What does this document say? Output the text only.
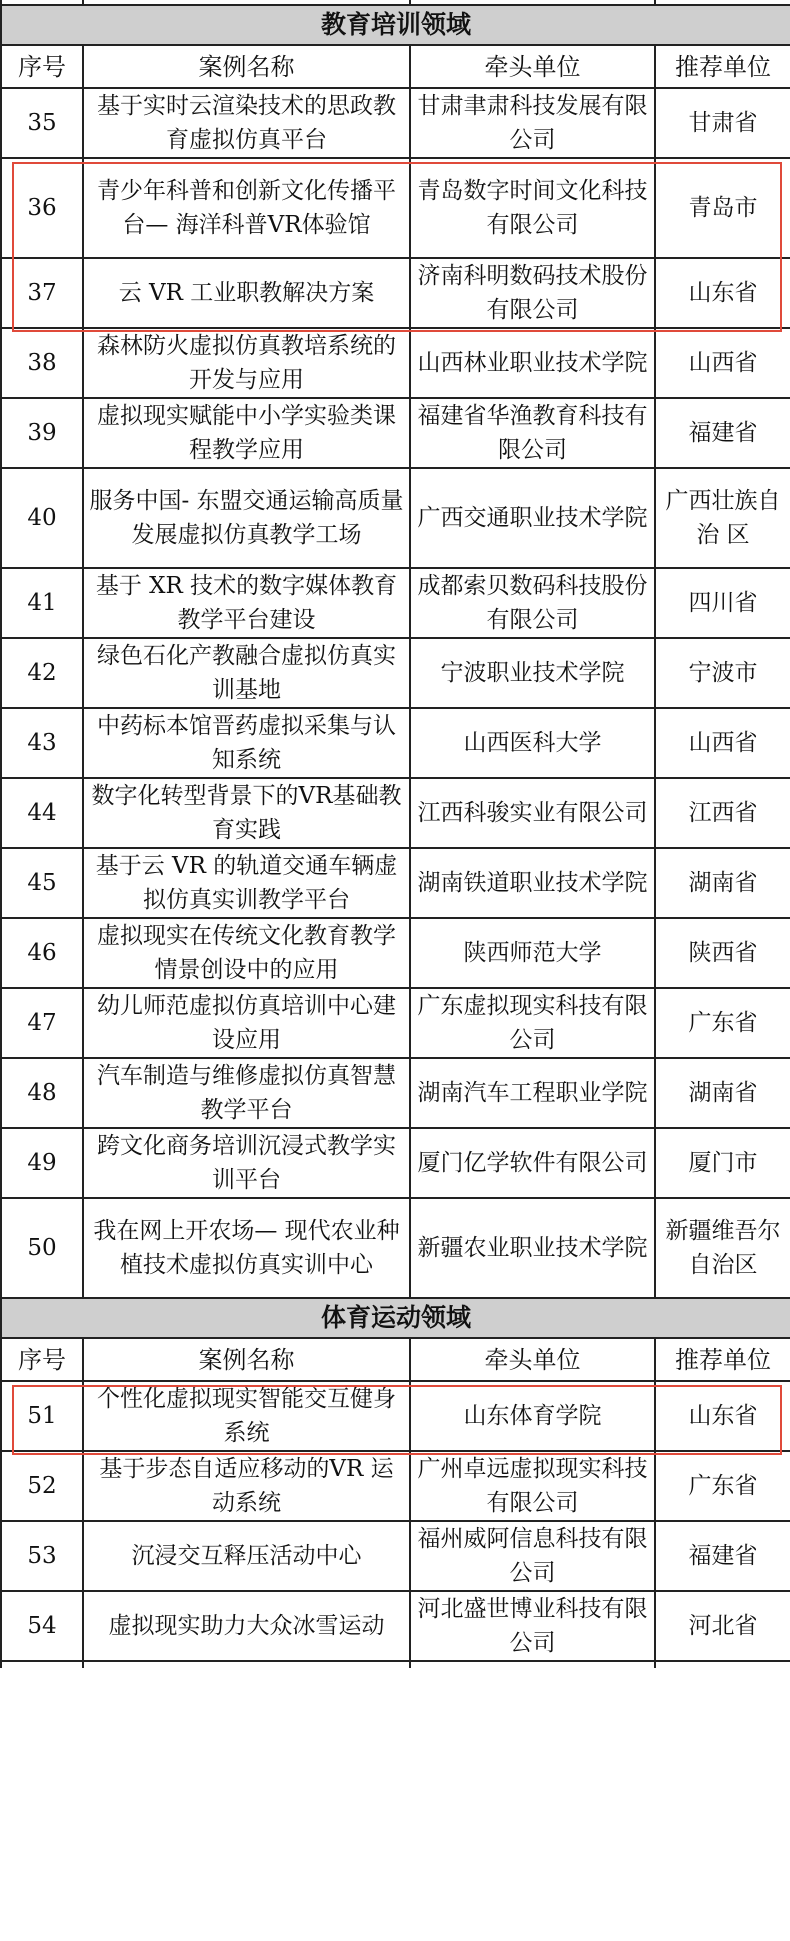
教育培训领域			
序号	案例名称	牵头单位	推荐单位
35	基于实时云渲染技术的思政教育虚拟仿真平台	甘肃聿肃科技发展有限公司	甘肃省
36	青少年科普和创新文化传播平台— 海洋科普VR体验馆	青岛数字时间文化科技有限公司	青岛市
37	云 VR 工业职教解决方案	济南科明数码技术股份有限公司	山东省
38	森林防火虚拟仿真教培系统的开发与应用	山西林业职业技术学院	山西省
39	虚拟现实赋能中小学实验类课程教学应用	福建省华渔教育科技有限公司	福建省
40	服务中国- 东盟交通运输高质量发展虚拟仿真教学工场	广西交通职业技术学院	广西壮族自治 区
41	基于 XR 技术的数字媒体教育教学平台建设	成都索贝数码科技股份有限公司	四川省
42	绿色石化产教融合虚拟仿真实训基地	宁波职业技术学院	宁波市
43	中药标本馆晋药虚拟采集与认知系统	山西医科大学	山西省
44	数字化转型背景下的VR基础教育实践	江西科骏实业有限公司	江西省
45	基于云 VR 的轨道交通车辆虚拟仿真实训教学平台	湖南铁道职业技术学院	湖南省
46	虚拟现实在传统文化教育教学情景创设中的应用	陕西师范大学	陕西省
47	幼儿师范虚拟仿真培训中心建设应用	广东虚拟现实科技有限公司	广东省
48	汽车制造与维修虚拟仿真智慧教学平台	湖南汽车工程职业学院	湖南省
49	跨文化商务培训沉浸式教学实训平台	厦门亿学软件有限公司	厦门市
50	我在网上开农场— 现代农业种植技术虚拟仿真实训中心	新疆农业职业技术学院	新疆维吾尔自治区
体育运动领域			
序号	案例名称	牵头单位	推荐单位
51	个性化虚拟现实智能交互健身系统	山东体育学院	山东省
52	基于步态自适应移动的VR 运动系统	广州卓远虚拟现实科技有限公司	广东省
53	沉浸交互释压活动中心	福州威阿信息科技有限公司	福建省
54	虚拟现实助力大众冰雪运动	河北盛世博业科技有限公司	河北省
